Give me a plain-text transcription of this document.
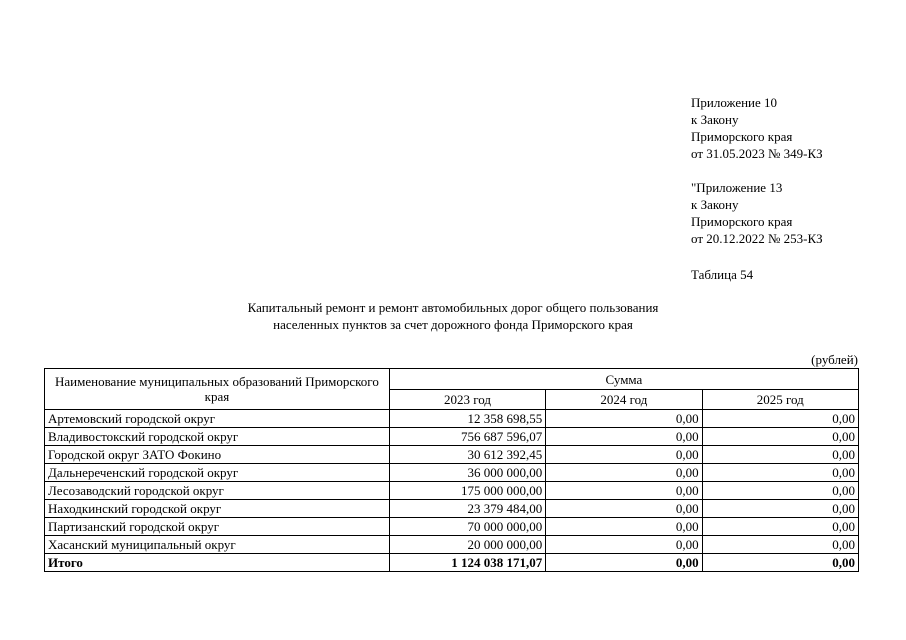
Приложение 10
к Закону
Приморского края
от 31.05.2023 № 349-КЗ
"Приложение 13
к Закону
Приморского края
от 20.12.2022 № 253-КЗ
Таблица 54
Капитальный ремонт и ремонт автомобильных дорог общего пользования
населенных пунктов за счет дорожного фонда Приморского края
(рублей)
Наименование муниципальных образований Приморского края	Сумма		
	2023 год	2024 год	2025 год
Артемовский городской округ	12 358 698,55	0,00	0,00
Владивостокский городской округ	756 687 596,07	0,00	0,00
Городской округ ЗАТО Фокино	30 612 392,45	0,00	0,00
Дальнереченский городской округ	36 000 000,00	0,00	0,00
Лесозаводский городской округ	175 000 000,00	0,00	0,00
Находкинский городской округ	23 379 484,00	0,00	0,00
Партизанский городской округ	70 000 000,00	0,00	0,00
Хасанский муниципальный округ	20 000 000,00	0,00	0,00
Итого	1 124 038 171,07	0,00	0,00
